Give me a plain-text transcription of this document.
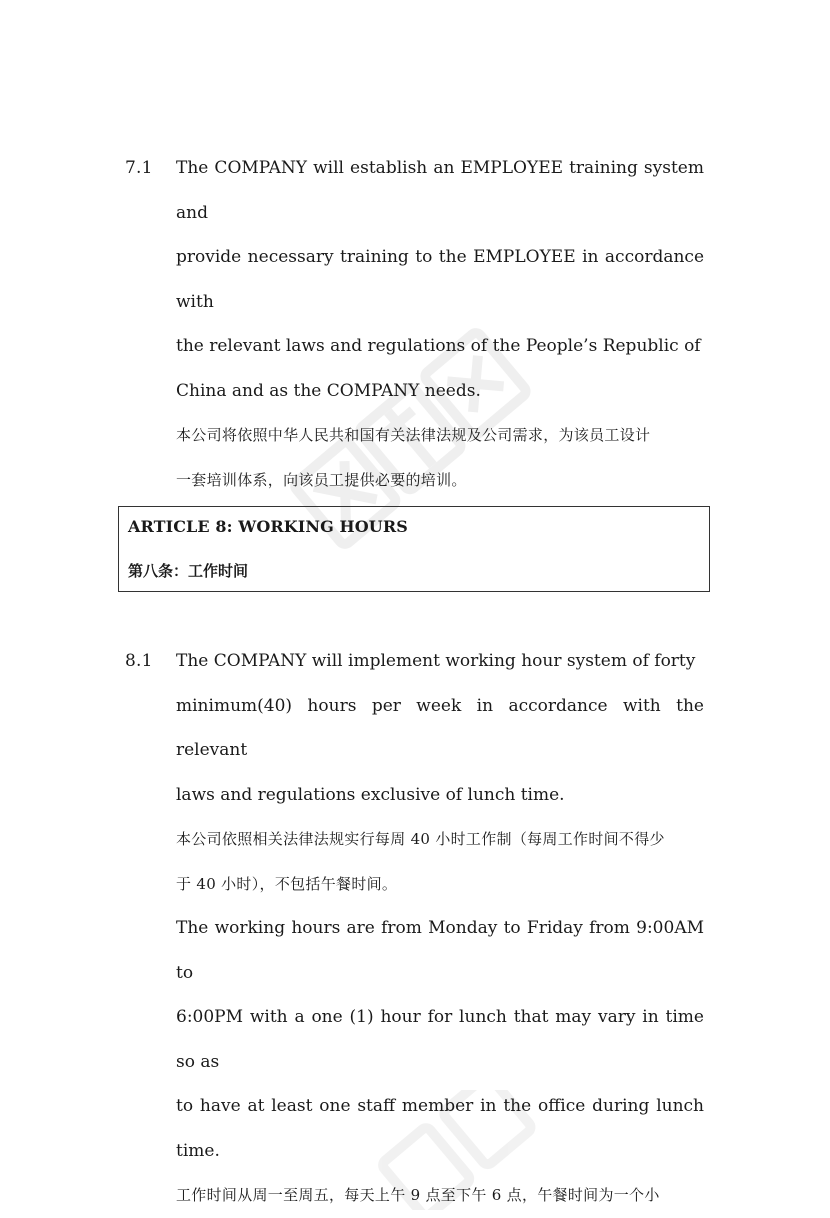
7.1 The COMPANY will establish an EMPLOYEE training system and

provide necessary training to the EMPLOYEE in accordance with

the relevant laws and regulations of the People’s Republic of

China and as the COMPANY needs.

本公司将依照中华人民共和国有关法律法规及公司需求，为该员工设计

一套培训体系，向该员工提供必要的培训。

ARTICLE 8: WORKING HOURS
第八条：工作时间
8.1 The COMPANY will implement working hour system of forty

minimum(40) hours per week in accordance with the relevant

laws and regulations exclusive of lunch time.

本公司依照相关法律法规实行每周 40 小时工作制（每周工作时间不得少

于 40 小时），不包括午餐时间。

The working hours are from Monday to Friday from 9:00AM to

6:00PM with a one (1) hour for lunch that may vary in time so as

to have at least one staff member in the office during lunch time.

工作时间从周一至周五，每天上午 9 点至下午 6 点，午餐时间为一个小
